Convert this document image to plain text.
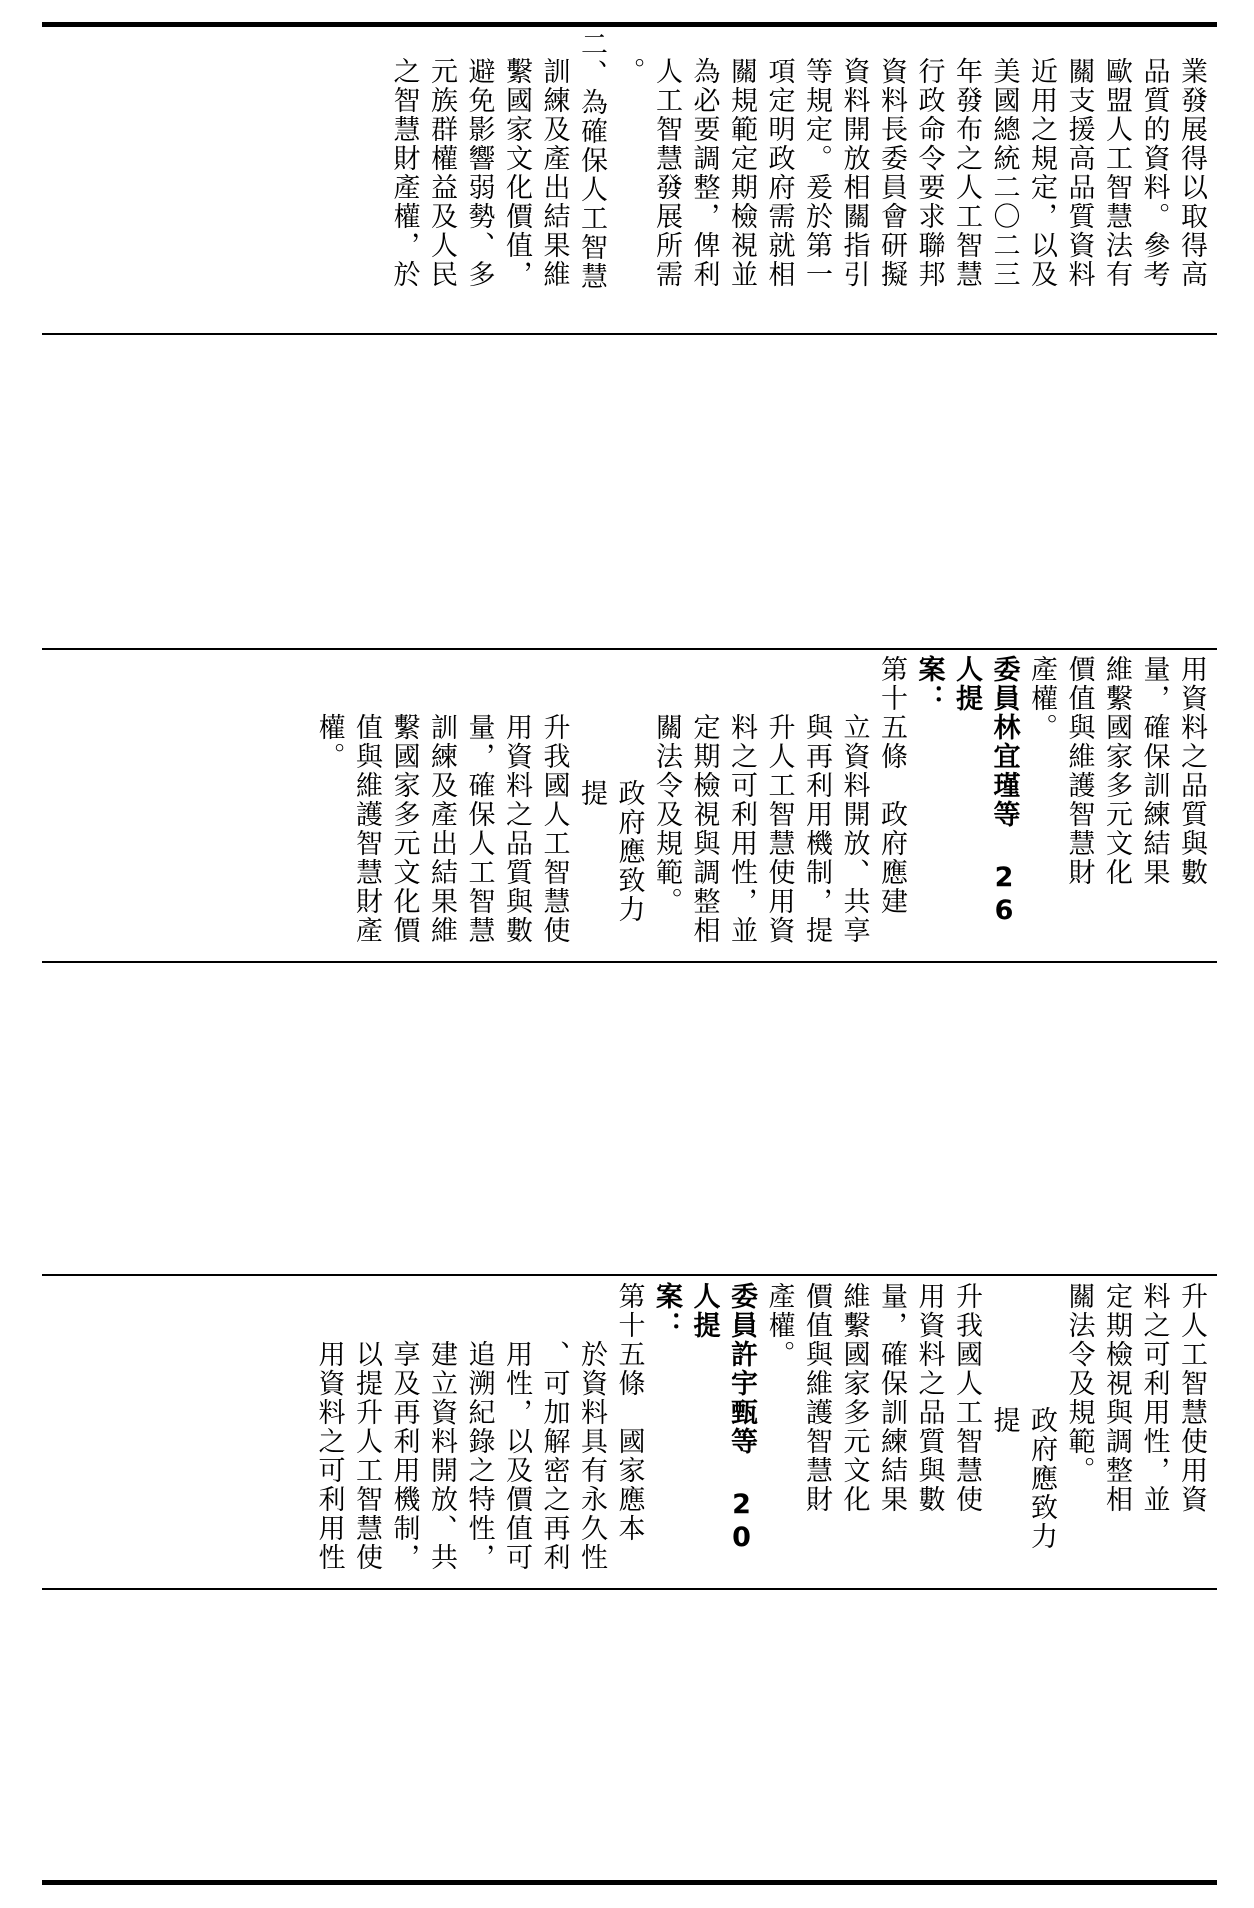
業發展得以取得高

品質的資料。參考

歐盟人工智慧法有

關支援高品質資料

近用之規定，以及

美國總統二〇二三

年發布之人工智慧

行政命令要求聯邦

資料長委員會研擬

資料開放相關指引

等規定。爰於第一

項定明政府需就相

關規範定期檢視並

為必要調整，俾利

人工智慧發展所需

。

二、為確保人工智慧

訓練及產出結果維

繫國家文化價值，

避免影響弱勢、多

元族群權益及人民

之智慧財產權，於

用資料之品質與數

量，確保訓練結果

維繫國家多元文化

價值與維護智慧財

產權。

委員林宜瑾等 26 人提

案：

第十五條　政府應建

立資料開放、共享

與再利用機制，提

升人工智慧使用資

料之可利用性，並

定期檢視與調整相

關法令及規範。

政府應致力提

升我國人工智慧使

用資料之品質與數

量，確保人工智慧

訓練及產出結果維

繫國家多元文化價

值與維護智慧財產

權。

升人工智慧使用資

料之可利用性，並

定期檢視與調整相

關法令及規範。

政府應致力提

升我國人工智慧使

用資料之品質與數

量，確保訓練結果

維繫國家多元文化

價值與維護智慧財

產權。

委員許宇甄等 20 人提

案：

第十五條　國家應本

於資料具有永久性

、可加解密之再利

用性，以及價值可

追溯紀錄之特性，

建立資料開放、共

享及再利用機制，

以提升人工智慧使

用資料之可利用性
